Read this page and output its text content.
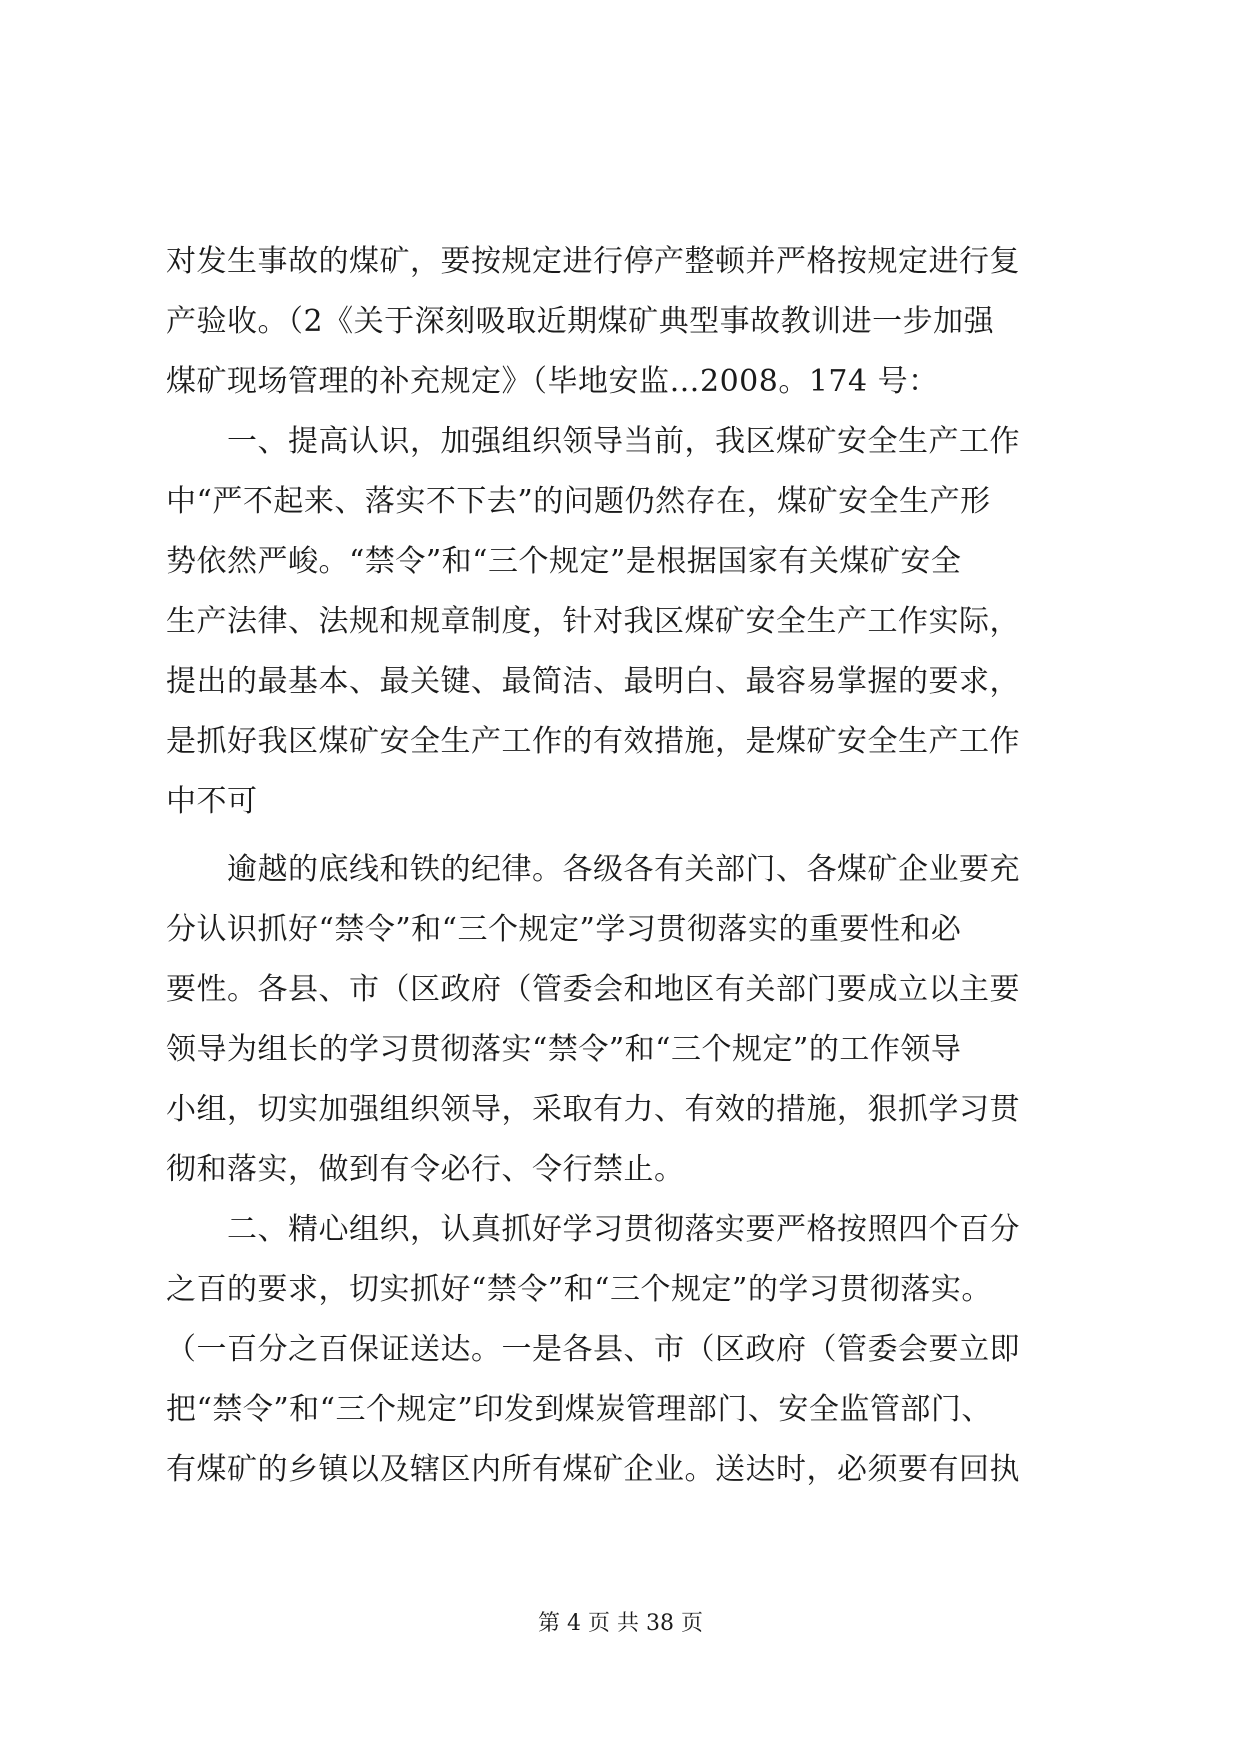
对发生事故的煤矿，要按规定进行停产整顿并严格按规定进行复
产验收。（2《关于深刻吸取近期煤矿典型事故教训进一步加强
煤矿现场管理的补充规定》（毕地安监…2008。174 号：
　　一、提高认识，加强组织领导当前，我区煤矿安全生产工作
中“严不起来、落实不下去”的问题仍然存在，煤矿安全生产形
势依然严峻。“禁令”和“三个规定”是根据国家有关煤矿安全
生产法律、法规和规章制度，针对我区煤矿安全生产工作实际，
提出的最基本、最关键、最简洁、最明白、最容易掌握的要求，
是抓好我区煤矿安全生产工作的有效措施，是煤矿安全生产工作
中不可
　　逾越的底线和铁的纪律。各级各有关部门、各煤矿企业要充
分认识抓好“禁令”和“三个规定”学习贯彻落实的重要性和必
要性。各县、市（区政府（管委会和地区有关部门要成立以主要
领导为组长的学习贯彻落实“禁令”和“三个规定”的工作领导
小组，切实加强组织领导，采取有力、有效的措施，狠抓学习贯
彻和落实，做到有令必行、令行禁止。
　　二、精心组织，认真抓好学习贯彻落实要严格按照四个百分
之百的要求，切实抓好“禁令”和“三个规定”的学习贯彻落实。
（一百分之百保证送达。一是各县、市（区政府（管委会要立即
把“禁令”和“三个规定”印发到煤炭管理部门、安全监管部门、
有煤矿的乡镇以及辖区内所有煤矿企业。送达时，必须要有回执
第 4 页 共 38 页
